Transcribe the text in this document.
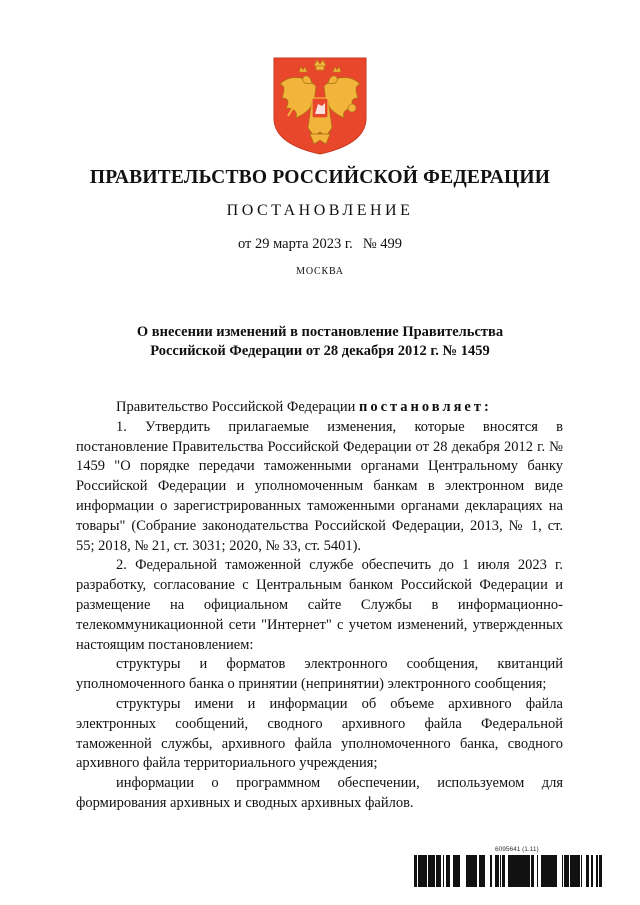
ПРАВИТЕЛЬСТВО РОССИЙСКОЙ ФЕДЕРАЦИИ
ПОСТАНОВЛЕНИЕ
от 29 марта 2023 г. № 499
МОСКВА
О внесении изменений в постановление Правительства
Российской Федерации от 28 декабря 2012 г. № 1459

Правительство Российской Федерации постановляет:

1. Утвердить прилагаемые изменения, которые вносятся в постановление Правительства Российской Федерации от 28 декабря 2012 г. № 1459 "О порядке передачи таможенными органами Центральному банку Российской Федерации и уполномоченным банкам в электронном виде информации о зарегистрированных таможенными органами декларациях на товары" (Собрание законодательства Российской Федерации, 2013, № 1, ст. 55; 2018, № 21, ст. 3031; 2020, № 33, ст. 5401).

2. Федеральной таможенной службе обеспечить до 1 июля 2023 г. разработку, согласование с Центральным банком Российской Федерации и размещение на официальном сайте Службы в информационно-телекоммуникационной сети "Интернет" с учетом изменений, утвержденных настоящим постановлением:

структуры и форматов электронного сообщения, квитанций уполномоченного банка о принятии (непринятии) электронного сообщения;

структуры имени и информации об объеме архивного файла электронных сообщений, сводного архивного файла Федеральной таможенной службы, архивного файла уполномоченного банка, сводного архивного файла территориального учреждения;

информации о программном обеспечении, используемом для формирования архивных и сводных архивных файлов.

6095641 (1.11)
